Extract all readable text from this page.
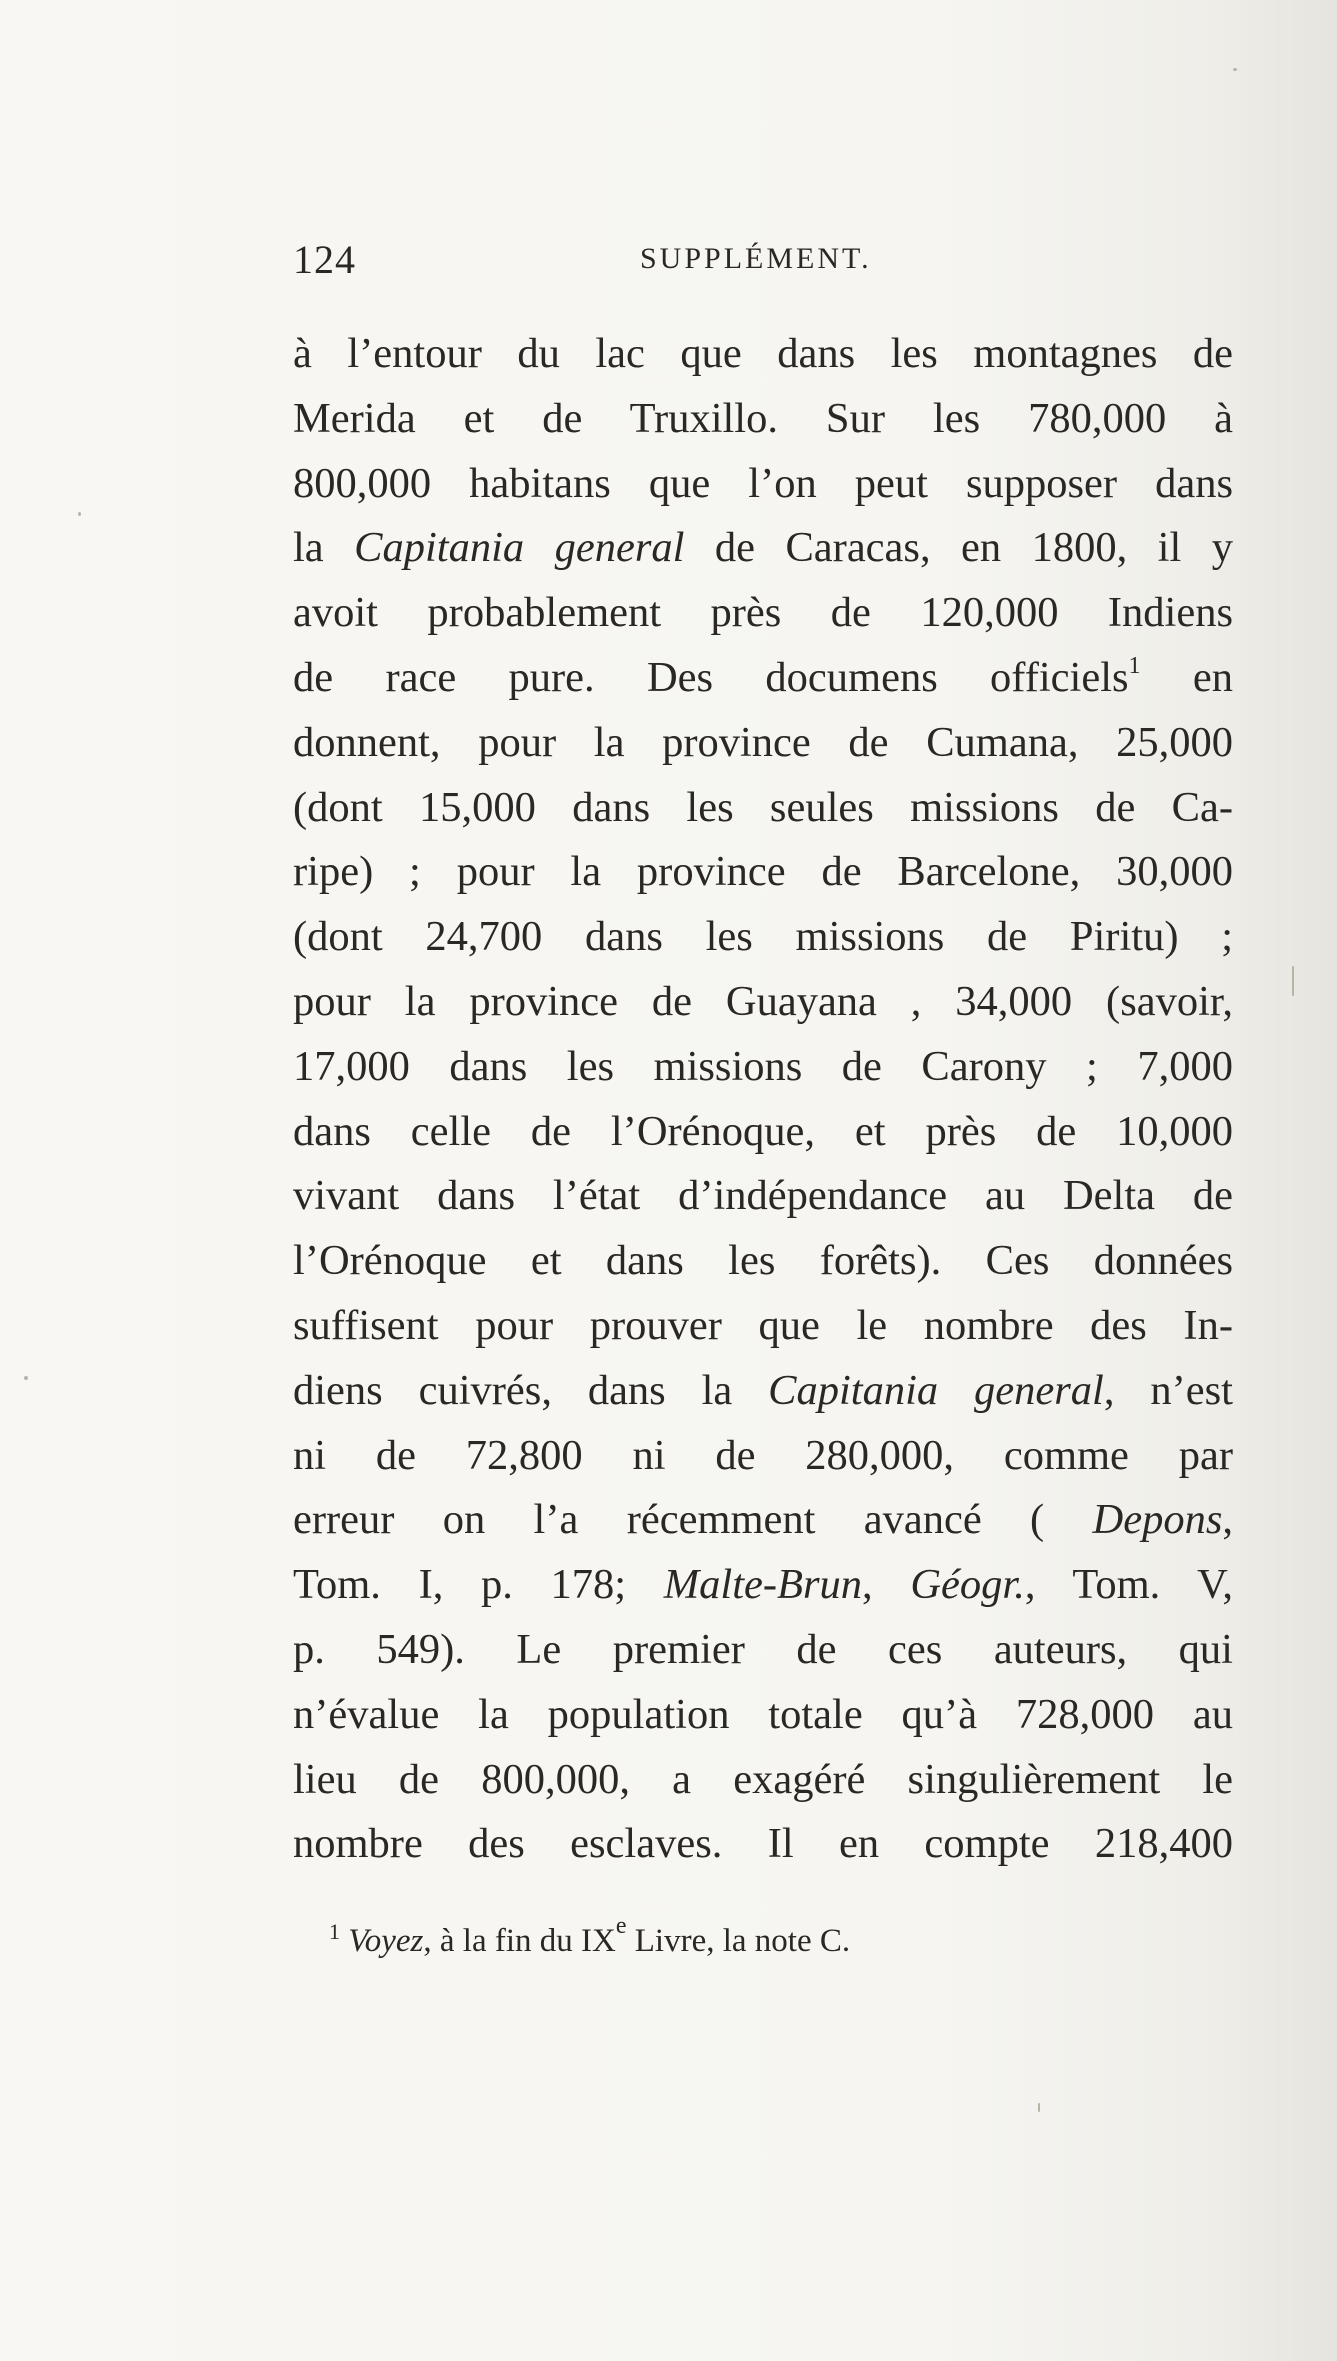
124	SUPPLÉMENT.
à l’entour du lac que dans les montagnes de
Merida et de Truxillo. Sur les 780,000 à
800,000 habitans que l’on peut supposer dans
la Capitania general de Caracas, en 1800, il y
avoit probablement près de 120,000 Indiens
de race pure. Des documens officiels$^1$ en
donnent, pour la province de Cumana, 25,000
(dont 15,000 dans les seules missions de Ca-
ripe) ; pour la province de Barcelone, 30,000
(dont 24,700 dans les missions de Piritu) ;
pour la province de Guayana , 34,000 (savoir,
17,000 dans les missions de Carony ; 7,000
dans celle de l’Orénoque, et près de 10,000
vivant dans l’état d’indépendance au Delta de
l’Orénoque et dans les forêts). Ces données
suffisent pour prouver que le nombre des In-
diens cuivrés, dans la Capitania general, n’est
ni de 72,800 ni de 280,000, comme par
erreur on l’a récemment avancé ( Depons,
Tom. I, p. 178; Malte-Brun, Géogr., Tom. V,
p. 549). Le premier de ces auteurs, qui
n’évalue la population totale qu’à 728,000 au
lieu de 800,000, a exagéré singulièrement le
nombre des esclaves. Il en compte 218,400
$^1$ Voyez, à la fin du IXe Livre, la note C.
